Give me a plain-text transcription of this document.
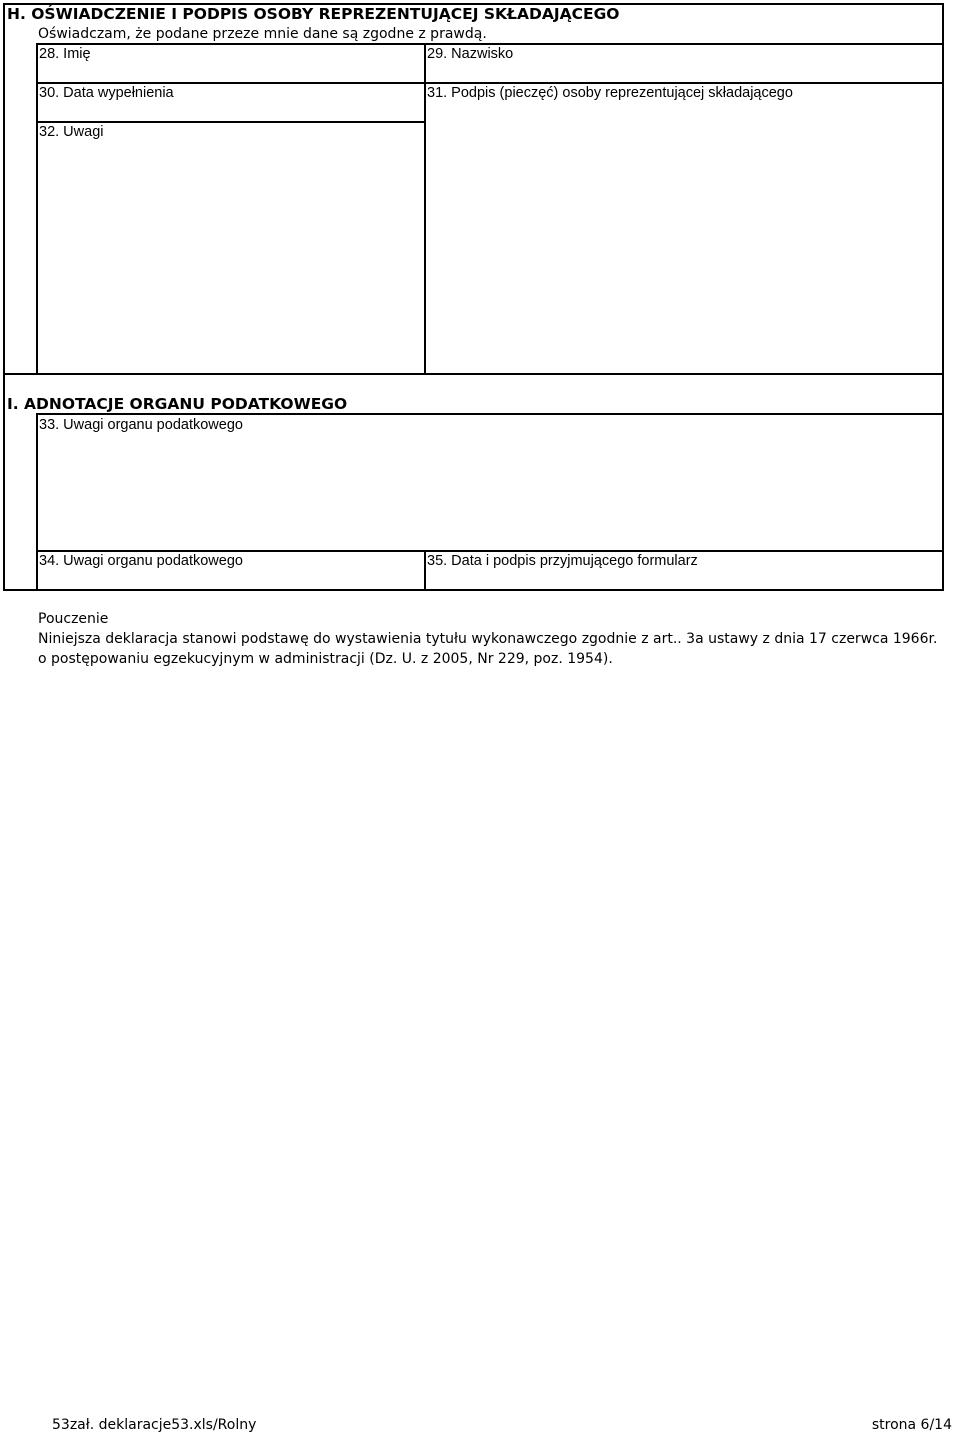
H. OŚWIADCZENIE I PODPIS OSOBY REPREZENTUJĄCEJ SKŁADAJĄCEGO
Oświadczam, że podane przeze mnie dane są zgodne z prawdą.
28. Imię	29. Nazwisko
30. Data wypełnienia	31. Podpis (pieczęć) osoby reprezentującej składającego
32. Uwagi
I. ADNOTACJE ORGANU PODATKOWEGO
33. Uwagi organu podatkowego
34. Uwagi organu podatkowego	35. Data i podpis przyjmującego formularz
Pouczenie
Niniejsza deklaracja stanowi podstawę do wystawienia tytułu wykonawczego zgodnie z art.. 3a ustawy z dnia 17 czerwca 1966r.
o postępowaniu egzekucyjnym w administracji (Dz. U. z 2005, Nr 229, poz. 1954).
53zał. deklaracje53.xls/Rolny	strona 6/14
